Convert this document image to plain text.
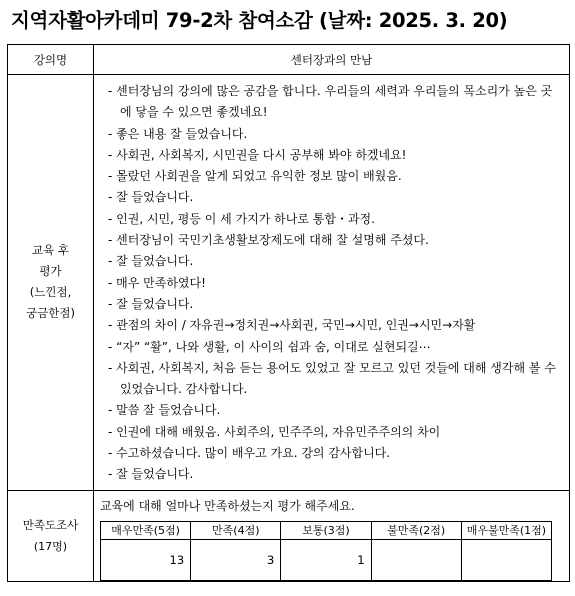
지역자활아카데미 79-2차 참여소감 (날짜: 2025. 3. 20)
강의명	센터장과의 만남

교육 후
평가
(느낀점,
궁금한점)

- 센터장님의 강의에 많은 공감을 합니다. 우리들의 세력과 우리들의 목소리가 높은 곳에 닿을 수 있으면 좋겠네요!
- 좋은 내용 잘 들었습니다.
- 사회권, 사회복지, 시민권을 다시 공부해 봐야 하겠네요!
- 몰랐던 사회권을 알게 되었고 유익한 정보 많이 배웠음.
- 잘 들었습니다.
- 인권, 시민, 평등 이 세 가지가 하나로 통합・과정.
- 센터장님이 국민기초생활보장제도에 대해 잘 설명해 주셨다.
- 잘 들었습니다.
- 매우 만족하였다!
- 잘 들었습니다.
- 관점의 차이 / 자유권→정치권→사회권, 국민→시민, 인권→시민→자활
- “자” “활”, 나와 생활, 이 사이의 쉼과 숨, 이대로 실현되길⋯
- 사회권, 사회복지, 처음 듣는 용어도 있었고 잘 모르고 있던 것들에 대해 생각해 볼 수 있었습니다. 감사합니다.
- 말씀 잘 들었습니다.
- 인권에 대해 배웠음. 사회주의, 민주주의, 자유민주주의의 차이
- 수고하셨습니다. 많이 배우고 가요. 강의 감사합니다.
- 잘 들었습니다.

만족도조사
(17명)

교육에 대해 얼마나 만족하셨는지 평가 해주세요.
매우만족(5점)	만족(4점)	보통(3점)	불만족(2점)	매우불만족(1점)
13	3	1		
